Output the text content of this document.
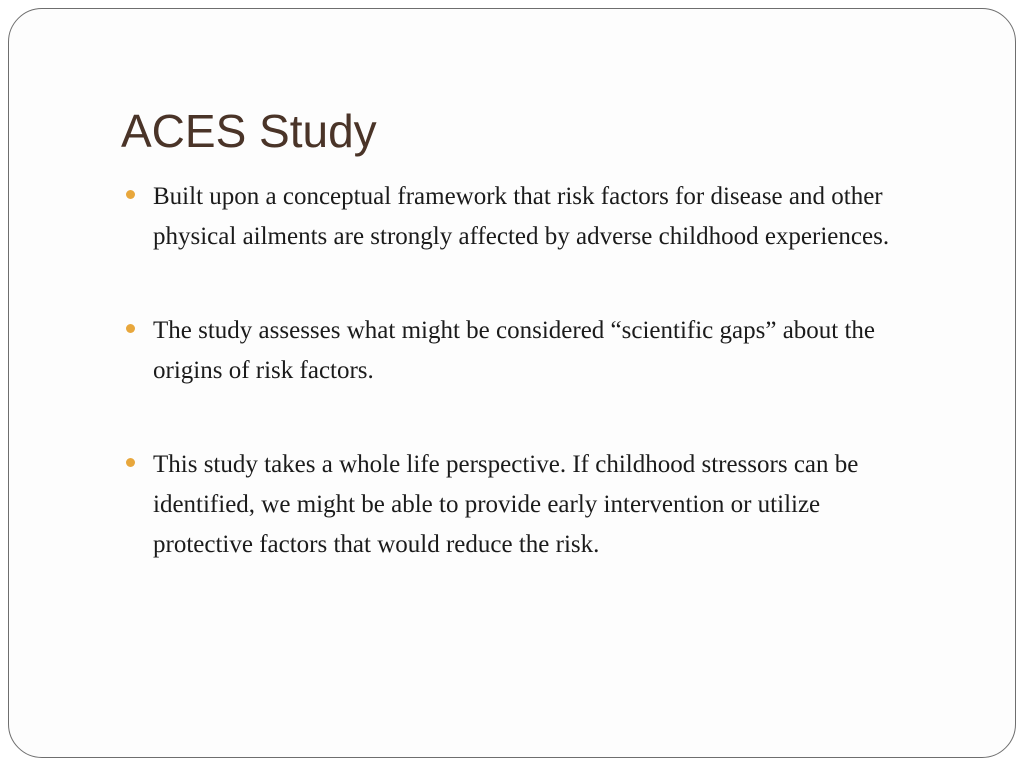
ACES Study
Built upon a conceptual framework that risk factors for disease and other physical ailments are strongly affected by adverse childhood experiences.
The study assesses what might be considered “scientific gaps” about the origins of risk factors.
This study takes a whole life perspective. If childhood stressors can be identified, we might be able to provide early intervention or utilize protective factors that would reduce the risk.
